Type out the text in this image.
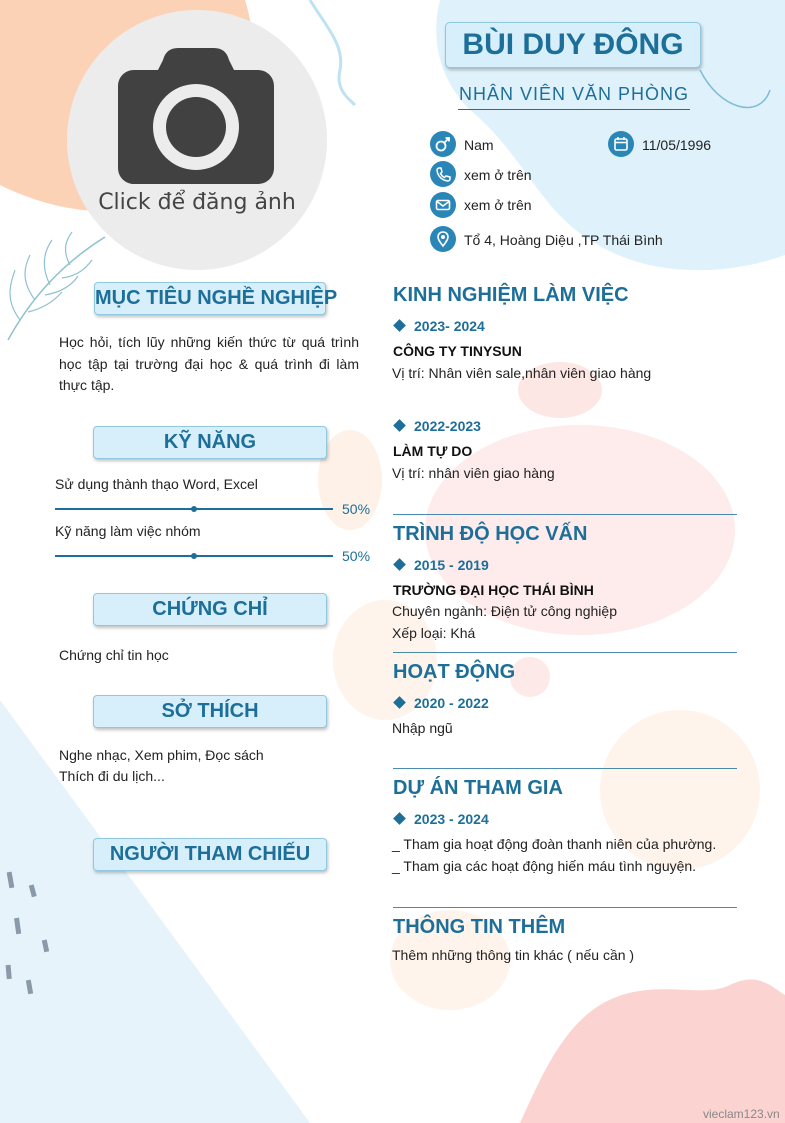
Click để đăng ảnh
BÙI DUY ĐÔNG
NHÂN VIÊN VĂN PHÒNG
Nam	11/05/1996
xem ở trên
xem ở trên
Tổ 4, Hoàng Diệu ,TP Thái Bình
MỤC TIÊU NGHỀ NGHIỆP
Học hỏi, tích lũy những kiến thức từ quá trình học tập tại trường đại học & quá trình đi làm thực tập.
KỸ NĂNG
Sử dụng thành thạo Word, Excel
50%
Kỹ năng làm việc nhóm
50%
CHỨNG CHỈ
Chứng chỉ tin học
SỞ THÍCH
Nghe nhạc, Xem phim, Đọc sách
Thích đi du lịch...
NGƯỜI THAM CHIẾU
KINH NGHIỆM LÀM VIỆC
2023- 2024
CÔNG TY TINYSUN
Vị trí: Nhân viên sale,nhân viên giao hàng
2022-2023
LÀM TỰ DO
Vị trí: nhân viên giao hàng
TRÌNH ĐỘ HỌC VẤN
2015 - 2019
TRƯỜNG ĐẠI HỌC THÁI BÌNH
Chuyên ngành: Điện tử công nghiệp
Xếp loại: Khá
HOẠT ĐỘNG
2020 - 2022
Nhập ngũ
DỰ ÁN THAM GIA
2023 - 2024
_ Tham gia hoạt động đoàn thanh niên của phường.
_ Tham gia các hoạt động hiến máu tình nguyện.
THÔNG TIN THÊM
Thêm những thông tin khác ( nếu cần )
vieclam123.vn
